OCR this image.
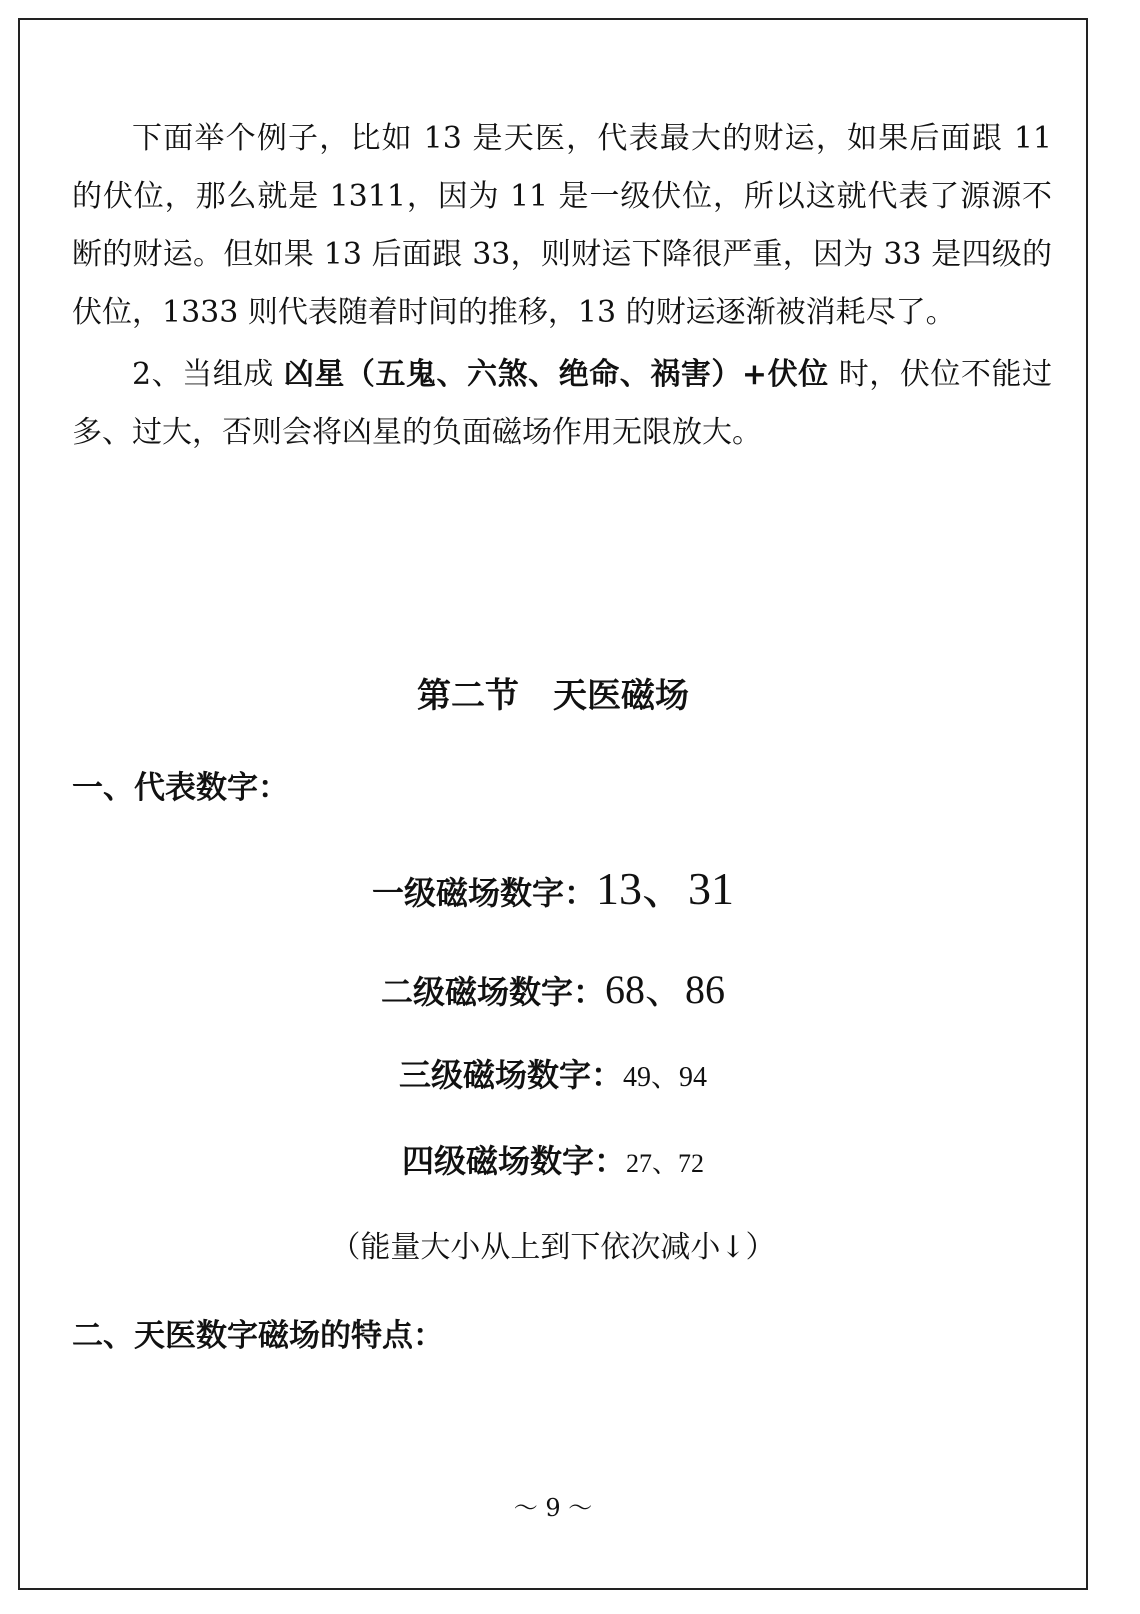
下面举个例子，比如 13 是天医，代表最大的财运，如果后面跟 11 的伏位，那么就是 1311，因为 11 是一级伏位，所以这就代表了源源不断的财运。但如果 13 后面跟 33，则财运下降很严重，因为 33 是四级的伏位，1333 则代表随着时间的推移，13 的财运逐渐被消耗尽了。

2、当组成 凶星（五鬼、六煞、绝命、祸害）+伏位 时，伏位不能过多、过大，否则会将凶星的负面磁场作用无限放大。

第二节　天医磁场
一、代表数字：
一级磁场数字：13、31
二级磁场数字：68、86
三级磁场数字：49、94
四级磁场数字：27、72
（能量大小从上到下依次减小↓）
二、天医数字磁场的特点：
～ 9 ～
